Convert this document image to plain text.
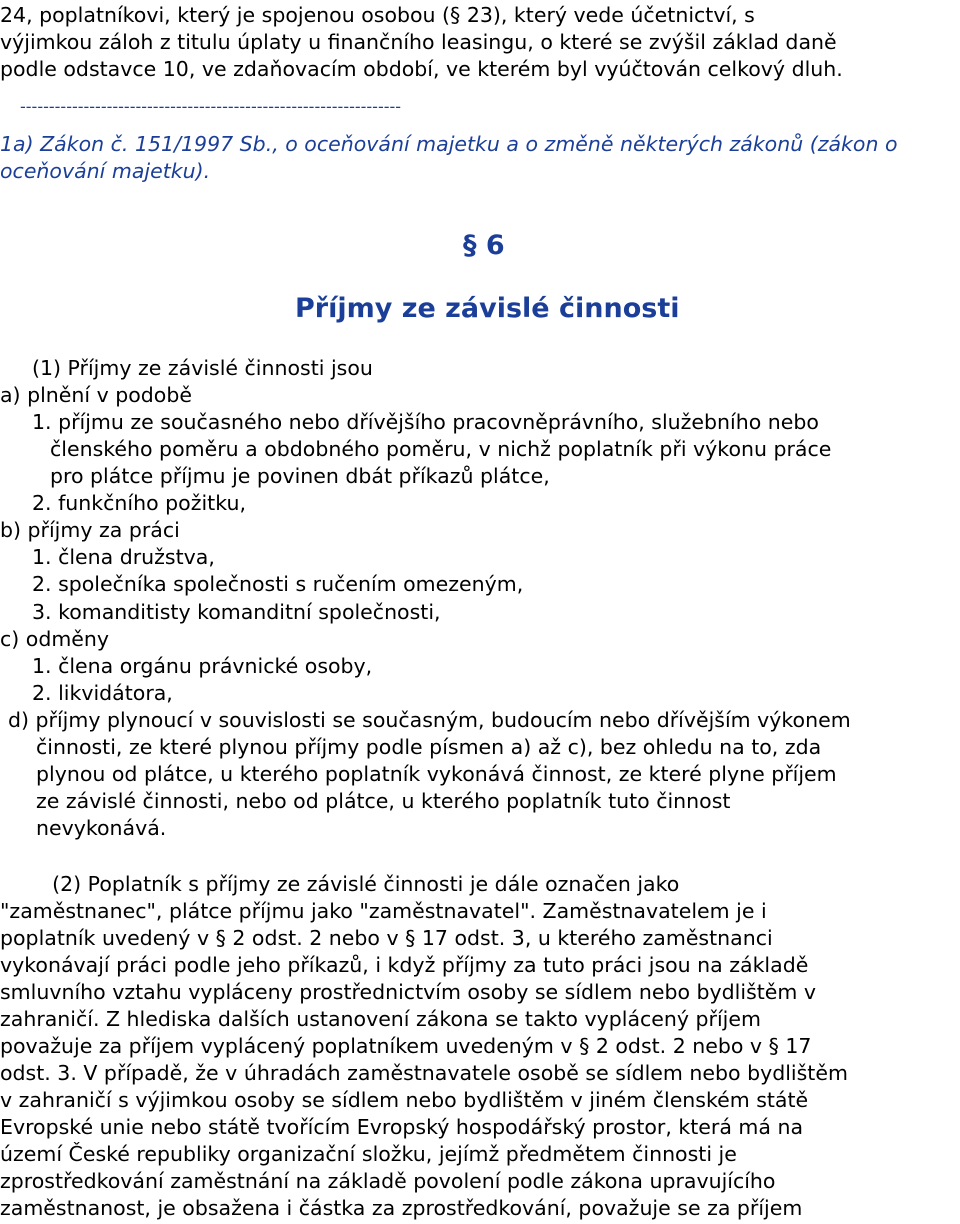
24, poplatníkovi, který je spojenou osobou (§ 23), který vede účetnictví, s
výjimkou záloh z titulu úplaty u finančního leasingu, o které se zvýšil základ daně
podle odstavce 10, ve zdaňovacím období, ve kterém byl vyúčtován celkový dluh.
------------------------------------------------------------------
1a) Zákon č. 151/1997 Sb., o oceňování majetku a o změně některých zákonů (zákon o
oceňování majetku).
§ 6
Příjmy ze závislé činnosti
(1) Příjmy ze závislé činnosti jsou
a) plnění v podobě
1. příjmu ze současného nebo dřívějšího pracovněprávního, služebního nebo
členského poměru a obdobného poměru, v nichž poplatník při výkonu práce
pro plátce příjmu je povinen dbát příkazů plátce,
2. funkčního požitku,
b) příjmy za práci
1. člena družstva,
2. společníka společnosti s ručením omezeným,
3. komanditisty komanditní společnosti,
c) odměny
1. člena orgánu právnické osoby,
2. likvidátora,
d) příjmy plynoucí v souvislosti se současným, budoucím nebo dřívějším výkonem
činnosti, ze které plynou příjmy podle písmen a) až c), bez ohledu na to, zda
plynou od plátce, u kterého poplatník vykonává činnost, ze které plyne příjem
ze závislé činnosti, nebo od plátce, u kterého poplatník tuto činnost
nevykonává.
(2) Poplatník s příjmy ze závislé činnosti je dále označen jako
"zaměstnanec", plátce příjmu jako "zaměstnavatel". Zaměstnavatelem je i
poplatník uvedený v § 2 odst. 2 nebo v § 17 odst. 3, u kterého zaměstnanci
vykonávají práci podle jeho příkazů, i když příjmy za tuto práci jsou na základě
smluvního vztahu vypláceny prostřednictvím osoby se sídlem nebo bydlištěm v
zahraničí. Z hlediska dalších ustanovení zákona se takto vyplácený příjem
považuje za příjem vyplácený poplatníkem uvedeným v § 2 odst. 2 nebo v § 17
odst. 3. V případě, že v úhradách zaměstnavatele osobě se sídlem nebo bydlištěm
v zahraničí s výjimkou osoby se sídlem nebo bydlištěm v jiném členském státě
Evropské unie nebo státě tvořícím Evropský hospodářský prostor, která má na
území České republiky organizační složku, jejímž předmětem činnosti je
zprostředkování zaměstnání na základě povolení podle zákona upravujícího
zaměstnanost, je obsažena i částka za zprostředkování, považuje se za příjem
